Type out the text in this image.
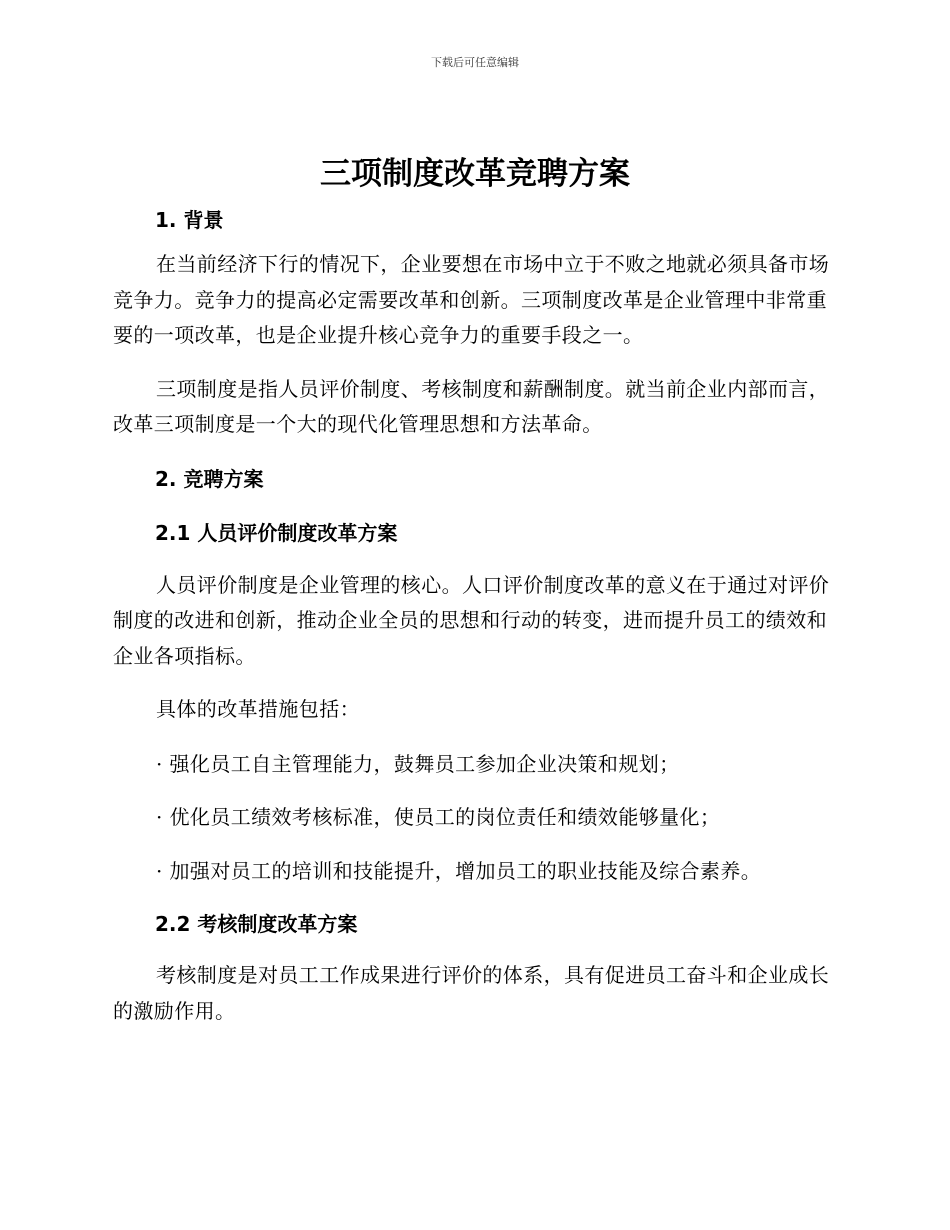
下载后可任意编辑
三项制度改革竞聘方案
1. 背景

在当前经济下行的情况下，企业要想在市场中立于不败之地就必须具备市场竞争力。竞争力的提高必定需要改革和创新。三项制度改革是企业管理中非常重要的一项改革，也是企业提升核心竞争力的重要手段之一。

三项制度是指人员评价制度、考核制度和薪酬制度。就当前企业内部而言，改革三项制度是一个大的现代化管理思想和方法革命。

2. 竞聘方案
2.1 人员评价制度改革方案

人员评价制度是企业管理的核心。人口评价制度改革的意义在于通过对评价制度的改进和创新，推动企业全员的思想和行动的转变，进而提升员工的绩效和企业各项指标。

具体的改革措施包括：

· 强化员工自主管理能力，鼓舞员工参加企业决策和规划；

· 优化员工绩效考核标准，使员工的岗位责任和绩效能够量化；

· 加强对员工的培训和技能提升，增加员工的职业技能及综合素养。

2.2 考核制度改革方案

考核制度是对员工工作成果进行评价的体系，具有促进员工奋斗和企业成长的激励作用。
